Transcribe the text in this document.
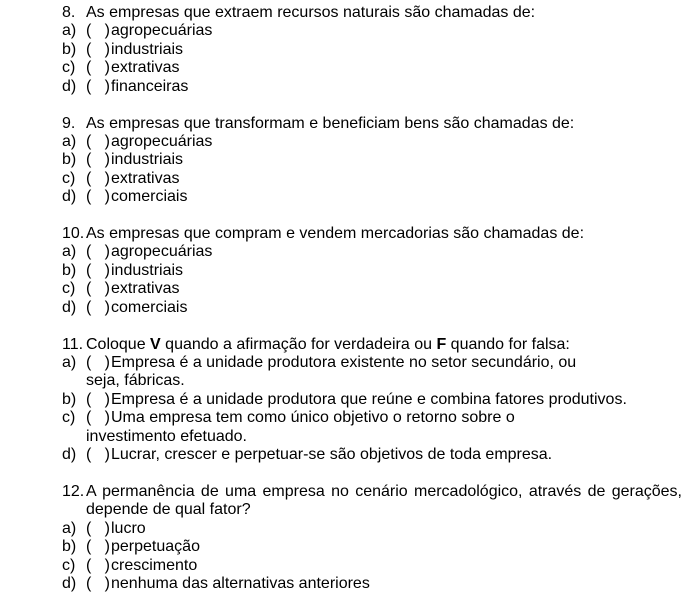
8. As empresas que extraem recursos naturais são chamadas de:
a) (   ) agropecuárias
b) (   ) industriais
c) (   ) extrativas
d) (   ) financeiras
9. As empresas que transformam e beneficiam bens são chamadas de:
a) (   ) agropecuárias
b) (   ) industriais
c) (   ) extrativas
d) (   ) comerciais
10. As empresas que compram e vendem mercadorias são chamadas de:
a) (   ) agropecuárias
b) (   ) industriais
c) (   ) extrativas
d) (   ) comerciais
11. Coloque V quando a afirmação for verdadeira ou F quando for falsa:
a) (   ) Empresa é a unidade produtora existente no setor secundário, ou seja, fábricas.
b) (   ) Empresa é a unidade produtora que reúne e combina fatores produtivos.
c) (   ) Uma empresa tem como único objetivo o retorno sobre o investimento efetuado.
d) (   ) Lucrar, crescer e perpetuar-se são objetivos de toda empresa.
12. A permanência de uma empresa no cenário mercadológico, através de gerações, depende de qual fator?
a) (   ) lucro
b) (   ) perpetuação
c) (   ) crescimento
d) (   ) nenhuma das alternativas anteriores
